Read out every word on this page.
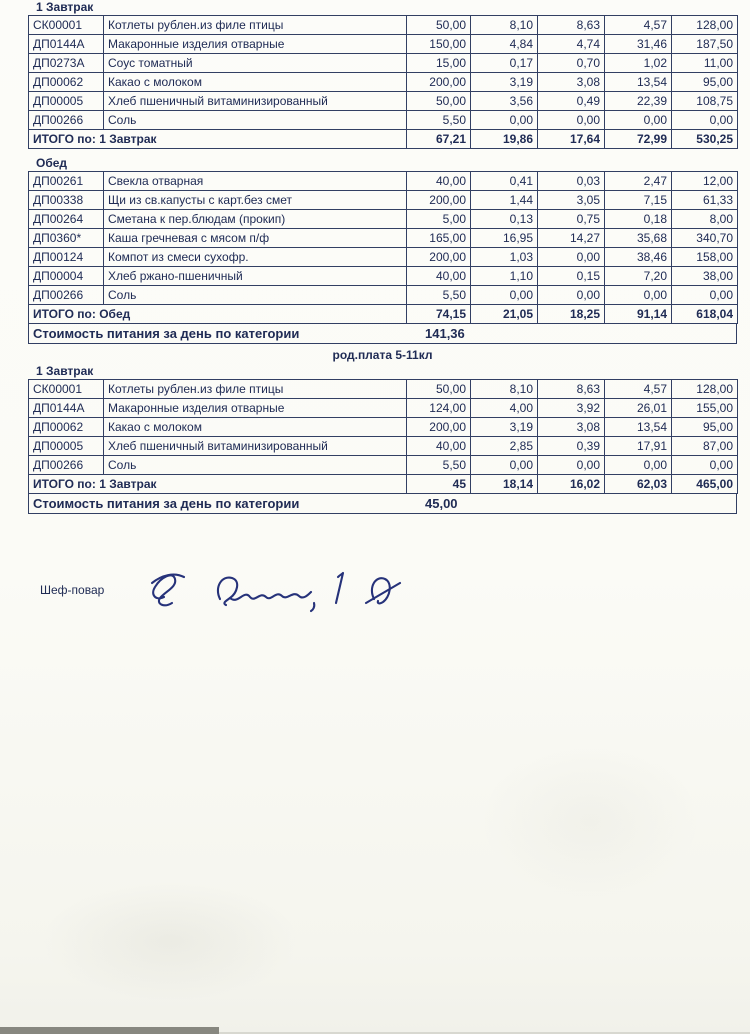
1 Завтрак
СК00001	Котлеты рублен.из филе птицы	50,00	8,10	8,63	4,57	128,00
ДП0144А	Макаронные изделия отварные	150,00	4,84	4,74	31,46	187,50
ДП0273А	Соус томатный	15,00	0,17	0,70	1,02	11,00
ДП00062	Какао с молоком	200,00	3,19	3,08	13,54	95,00
ДП00005	Хлеб пшеничный витаминизированный	50,00	3,56	0,49	22,39	108,75
ДП00266	Соль	5,50	0,00	0,00	0,00	0,00
ИТОГО по: 1 Завтрак		67,21	19,86	17,64	72,99	530,25
Обед
ДП00261	Свекла отварная	40,00	0,41	0,03	2,47	12,00
ДП00338	Щи из св.капусты с карт.без смет	200,00	1,44	3,05	7,15	61,33
ДП00264	Сметана к пер.блюдам (прокип)	5,00	0,13	0,75	0,18	8,00
ДП0360*	Каша гречневая с мясом п/ф	165,00	16,95	14,27	35,68	340,70
ДП00124	Компот из смеси сухофр.	200,00	1,03	0,00	38,46	158,00
ДП00004	Хлеб ржано-пшеничный	40,00	1,10	0,15	7,20	38,00
ДП00266	Соль	5,50	0,00	0,00	0,00	0,00
ИТОГО по: Обед		74,15	21,05	18,25	91,14	618,04
Стоимость питания за день по категории	141,36
род.плата 5-11кл
1 Завтрак
СК00001	Котлеты рублен.из филе птицы	50,00	8,10	8,63	4,57	128,00
ДП0144А	Макаронные изделия отварные	124,00	4,00	3,92	26,01	155,00
ДП00062	Какао с молоком	200,00	3,19	3,08	13,54	95,00
ДП00005	Хлеб пшеничный витаминизированный	40,00	2,85	0,39	17,91	87,00
ДП00266	Соль	5,50	0,00	0,00	0,00	0,00
ИТОГО по: 1 Завтрак		45	18,14	16,02	62,03	465,00
Стоимость питания за день по категории	45,00
Шеф-повар
